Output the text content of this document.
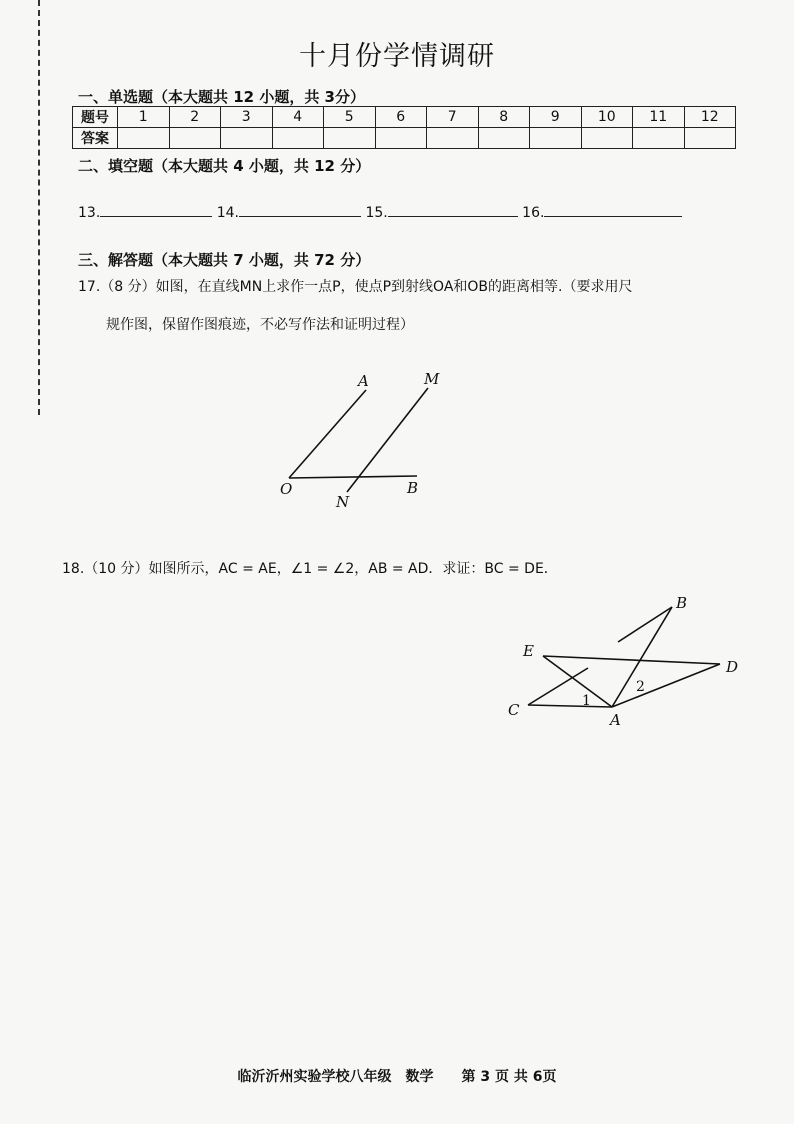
十月份学情调研
一、单选题（本大题共 12 小题，共 3分）
题号	1	2	3	4	5	6	7	8	9	10	11	12
答案												
二、填空题（本大题共 4 小题，共 12 分）
13.	14.	15.	16.
三、解答题（本大题共 7 小题，共 72 分）
17.（8 分）如图，在直线MN上求作一点P，使点P到射线OA和OB的距离相等.（要求用尺
规作图，保留作图痕迹，不必写作法和证明过程）
A	M
O
N
B
B
E
D
C
A
1
2
18.（10 分）如图所示，AC = AE，∠1 = ∠2，AB = AD．求证：BC = DE．
临沂沂州实验学校八年级　数学　　第 3 页 共 6页
